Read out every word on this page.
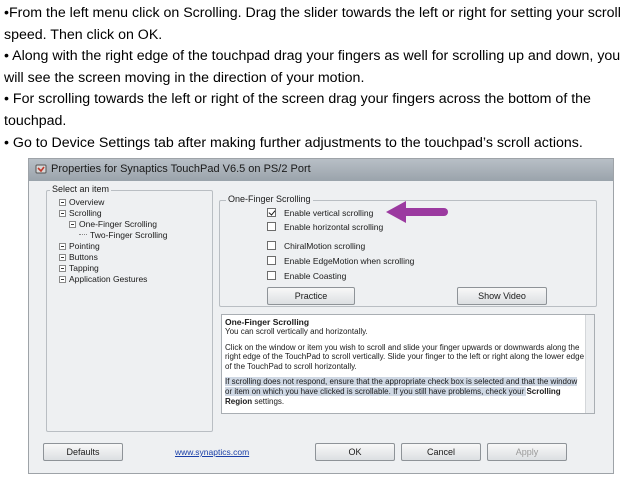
•From the left menu click on Scrolling. Drag the slider towards the left or right for setting your scroll speed. Then click on OK.

• Along with the right edge of the touchpad drag your fingers as well for scrolling up and down, you will see the screen moving in the direction of your motion.

• For scrolling towards the left or right of the screen drag your fingers across the bottom of the touchpad.

• Go to Device Settings tab after making further adjustments to the touchpad’s scroll actions.

Properties for Synaptics TouchPad V6.5 on PS/2 Port
Select an item
Overview
Scrolling
One-Finger Scrolling
Two-Finger Scrolling
Pointing
Buttons
Tapping
Application Gestures
One-Finger Scrolling
Enable vertical scrolling
Enable horizontal scrolling
ChiralMotion scrolling
Enable EdgeMotion when scrolling
Enable Coasting
Practice	Show Video
One-Finger Scrolling

You can scroll vertically and horizontally.

Click on the window or item you wish to scroll and slide your finger upwards or downwards along the right edge of the TouchPad to scroll vertically. Slide your finger to the left or right along the lower edge of the TouchPad to scroll horizontally.

If scrolling does not respond, ensure that the appropriate check box is selected and that the window or item on which you have clicked is scrollable. If you still have problems, check your Scrolling Region settings.

Defaults	www.synaptics.com	OK	Cancel	Apply
